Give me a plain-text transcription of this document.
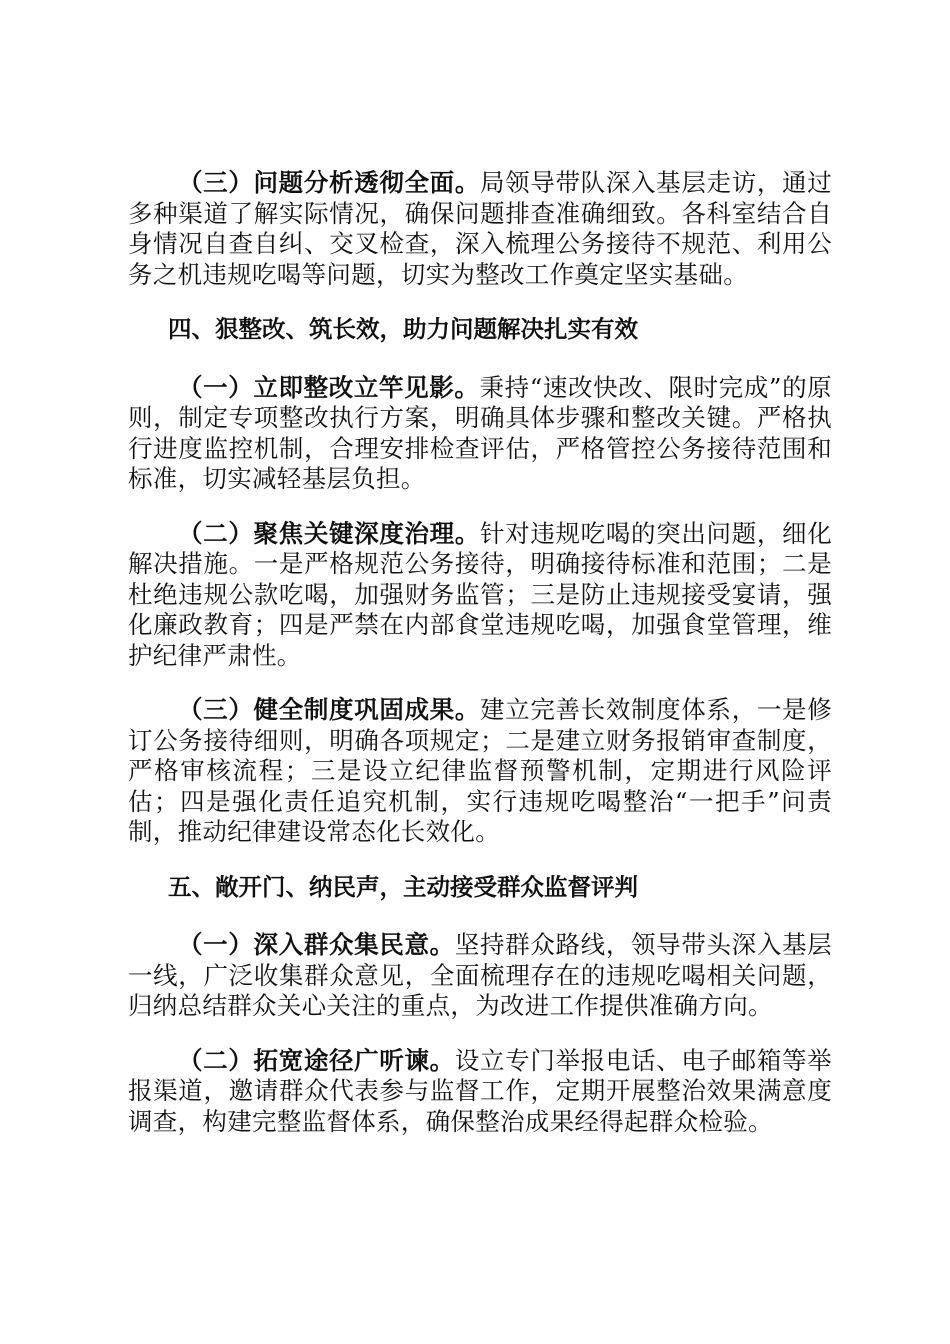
（三）问题分析透彻全面。局领导带队深入基层走访，通过多种渠道了解实际情况，确保问题排查准确细致。各科室结合自身情况自查自纠、交叉检查，深入梳理公务接待不规范、利用公务之机违规吃喝等问题，切实为整改工作奠定坚实基础。

四、狠整改、筑长效，助力问题解决扎实有效

（一）立即整改立竿见影。秉持“速改快改、限时完成”的原则，制定专项整改执行方案，明确具体步骤和整改关键。严格执行进度监控机制，合理安排检查评估，严格管控公务接待范围和标准，切实减轻基层负担。

（二）聚焦关键深度治理。针对违规吃喝的突出问题，细化解决措施。一是严格规范公务接待，明确接待标准和范围；二是杜绝违规公款吃喝，加强财务监管；三是防止违规接受宴请，强化廉政教育；四是严禁在内部食堂违规吃喝，加强食堂管理，维护纪律严肃性。

（三）健全制度巩固成果。建立完善长效制度体系，一是修订公务接待细则，明确各项规定；二是建立财务报销审查制度，严格审核流程；三是设立纪律监督预警机制，定期进行风险评估；四是强化责任追究机制，实行违规吃喝整治“一把手”问责制，推动纪律建设常态化长效化。

五、敞开门、纳民声，主动接受群众监督评判

（一）深入群众集民意。坚持群众路线，领导带头深入基层一线，广泛收集群众意见，全面梳理存在的违规吃喝相关问题，归纳总结群众关心关注的重点，为改进工作提供准确方向。

（二）拓宽途径广听谏。设立专门举报电话、电子邮箱等举报渠道，邀请群众代表参与监督工作，定期开展整治效果满意度调查，构建完整监督体系，确保整治成果经得起群众检验。
